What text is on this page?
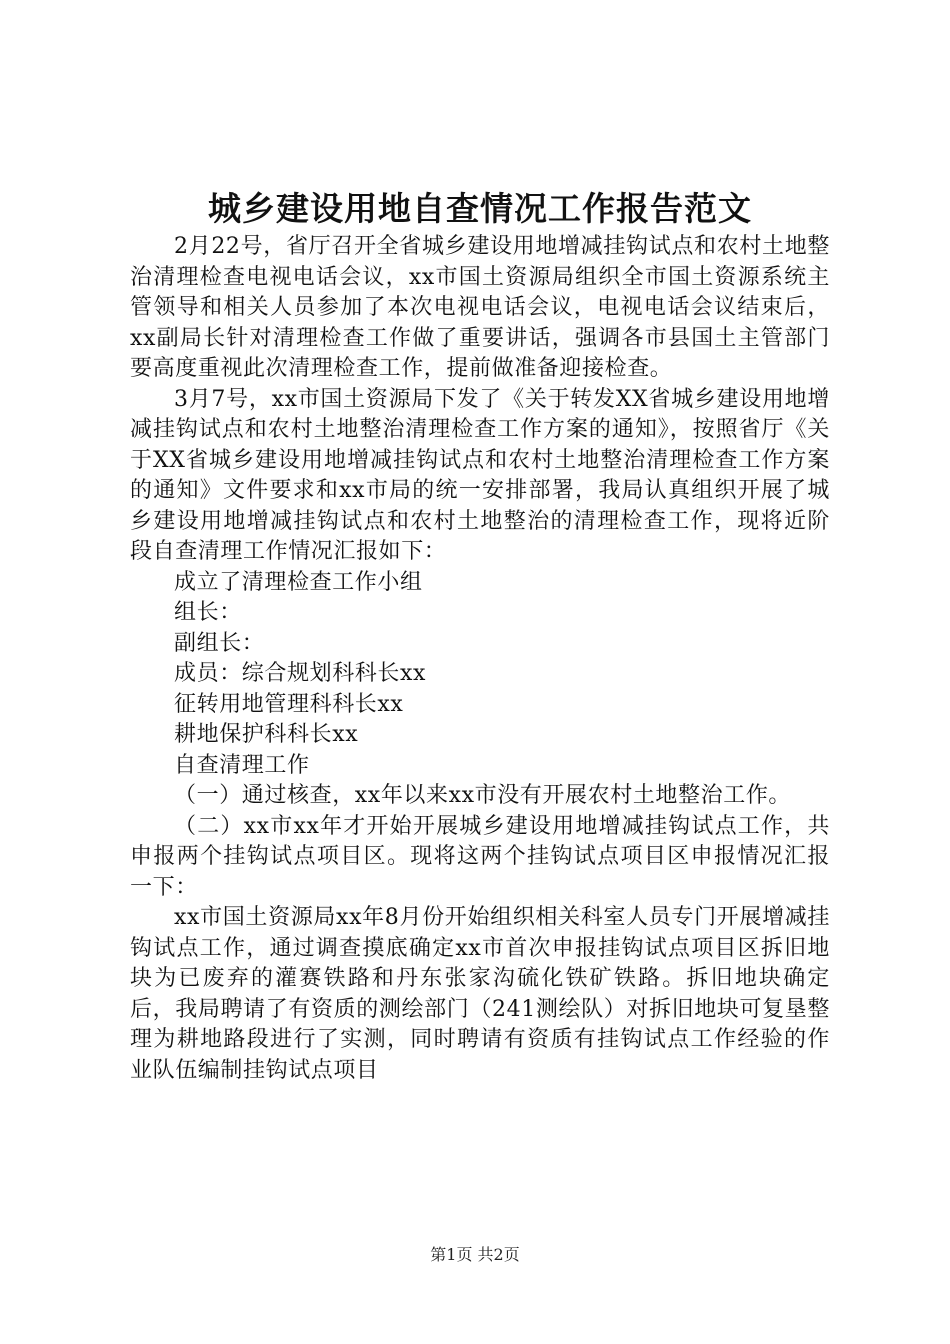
城乡建设用地自查情况工作报告范文

2月22号，省厅召开全省城乡建设用地增减挂钩试点和农村土地整治清理检查电视电话会议，xx市国土资源局组织全市国土资源系统主管领导和相关人员参加了本次电视电话会议，电视电话会议结束后，xx副局长针对清理检查工作做了重要讲话，强调各市县国土主管部门要高度重视此次清理检查工作，提前做准备迎接检查。

3月7号，xx市国土资源局下发了《关于转发XX省城乡建设用地增减挂钩试点和农村土地整治清理检查工作方案的通知》，按照省厅《关于XX省城乡建设用地增减挂钩试点和农村土地整治清理检查工作方案的通知》文件要求和xx市局的统一安排部署，我局认真组织开展了城乡建设用地增减挂钩试点和农村土地整治的清理检查工作，现将近阶段自查清理工作情况汇报如下：

成立了清理检查工作小组

组长：

副组长：

成员：综合规划科科长xx

征转用地管理科科长xx

耕地保护科科长xx

自查清理工作

（一）通过核查，xx年以来xx市没有开展农村土地整治工作。

（二）xx市xx年才开始开展城乡建设用地增减挂钩试点工作，共申报两个挂钩试点项目区。现将这两个挂钩试点项目区申报情况汇报一下：

xx市国土资源局xx年8月份开始组织相关科室人员专门开展增减挂钩试点工作，通过调查摸底确定xx市首次申报挂钩试点项目区拆旧地块为已废弃的灌赛铁路和丹东张家沟硫化铁矿铁路。拆旧地块确定后，我局聘请了有资质的测绘部门（241测绘队）对拆旧地块可复垦整理为耕地路段进行了实测，同时聘请有资质有挂钩试点工作经验的作业队伍编制挂钩试点项目

第1页 共2页
